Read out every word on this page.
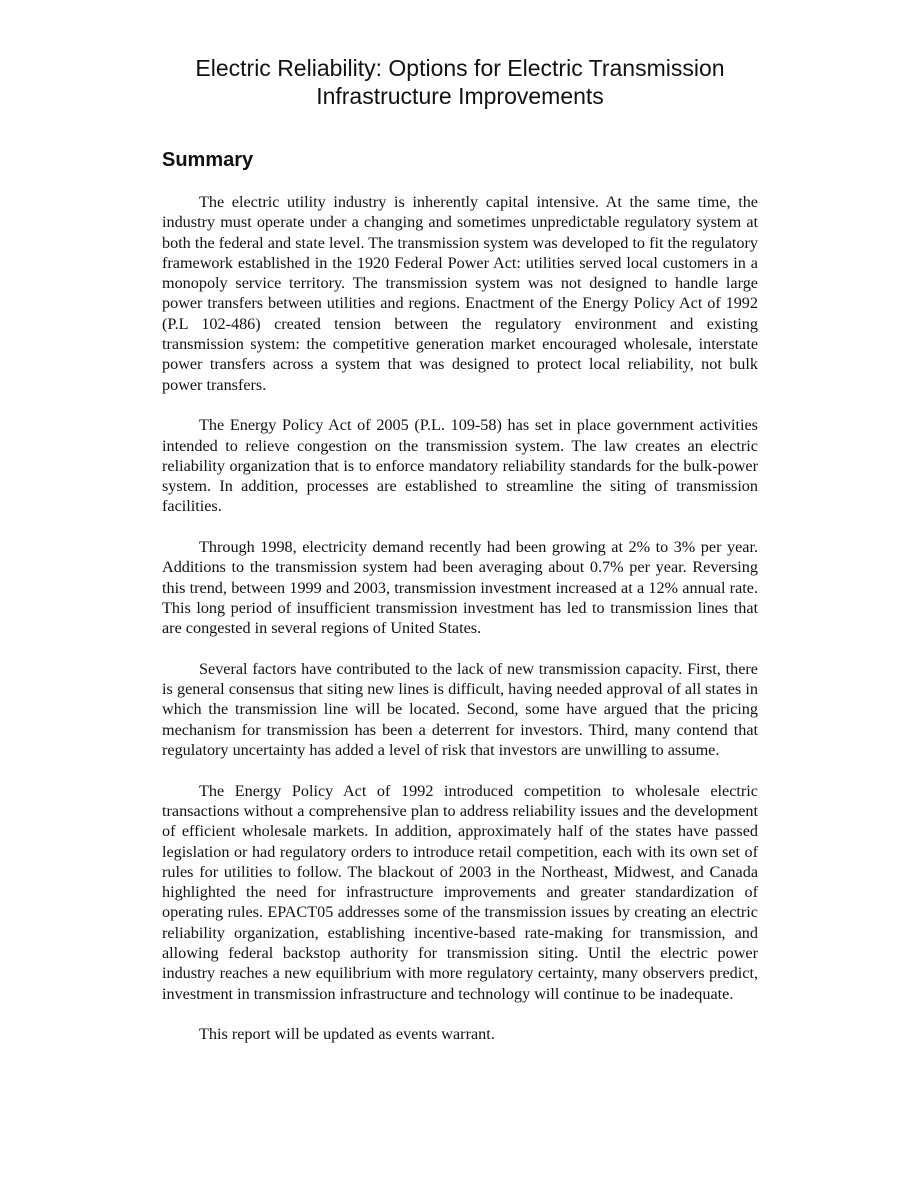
Electric Reliability: Options for Electric Transmission Infrastructure Improvements
Summary

The electric utility industry is inherently capital intensive. At the same time, the industry must operate under a changing and sometimes unpredictable regulatory system at both the federal and state level. The transmission system was developed to fit the regulatory framework established in the 1920 Federal Power Act: utilities served local customers in a monopoly service territory. The transmission system was not designed to handle large power transfers between utilities and regions. Enactment of the Energy Policy Act of 1992 (P.L 102-486) created tension between the regulatory environment and existing transmission system: the competitive generation market encouraged wholesale, interstate power transfers across a system that was designed to protect local reliability, not bulk power transfers.

The Energy Policy Act of 2005 (P.L. 109-58) has set in place government activities intended to relieve congestion on the transmission system. The law creates an electric reliability organization that is to enforce mandatory reliability standards for the bulk-power system. In addition, processes are established to streamline the siting of transmission facilities.

Through 1998, electricity demand recently had been growing at 2% to 3% per year. Additions to the transmission system had been averaging about 0.7% per year. Reversing this trend, between 1999 and 2003, transmission investment increased at a 12% annual rate. This long period of insufficient transmission investment has led to transmission lines that are congested in several regions of United States.

Several factors have contributed to the lack of new transmission capacity. First, there is general consensus that siting new lines is difficult, having needed approval of all states in which the transmission line will be located. Second, some have argued that the pricing mechanism for transmission has been a deterrent for investors. Third, many contend that regulatory uncertainty has added a level of risk that investors are unwilling to assume.

The Energy Policy Act of 1992 introduced competition to wholesale electric transactions without a comprehensive plan to address reliability issues and the development of efficient wholesale markets. In addition, approximately half of the states have passed legislation or had regulatory orders to introduce retail competition, each with its own set of rules for utilities to follow. The blackout of 2003 in the Northeast, Midwest, and Canada highlighted the need for infrastructure improvements and greater standardization of operating rules. EPACT05 addresses some of the transmission issues by creating an electric reliability organization, establishing incentive-based rate-making for transmission, and allowing federal backstop authority for transmission siting. Until the electric power industry reaches a new equilibrium with more regulatory certainty, many observers predict, investment in transmission infrastructure and technology will continue to be inadequate.

This report will be updated as events warrant.
